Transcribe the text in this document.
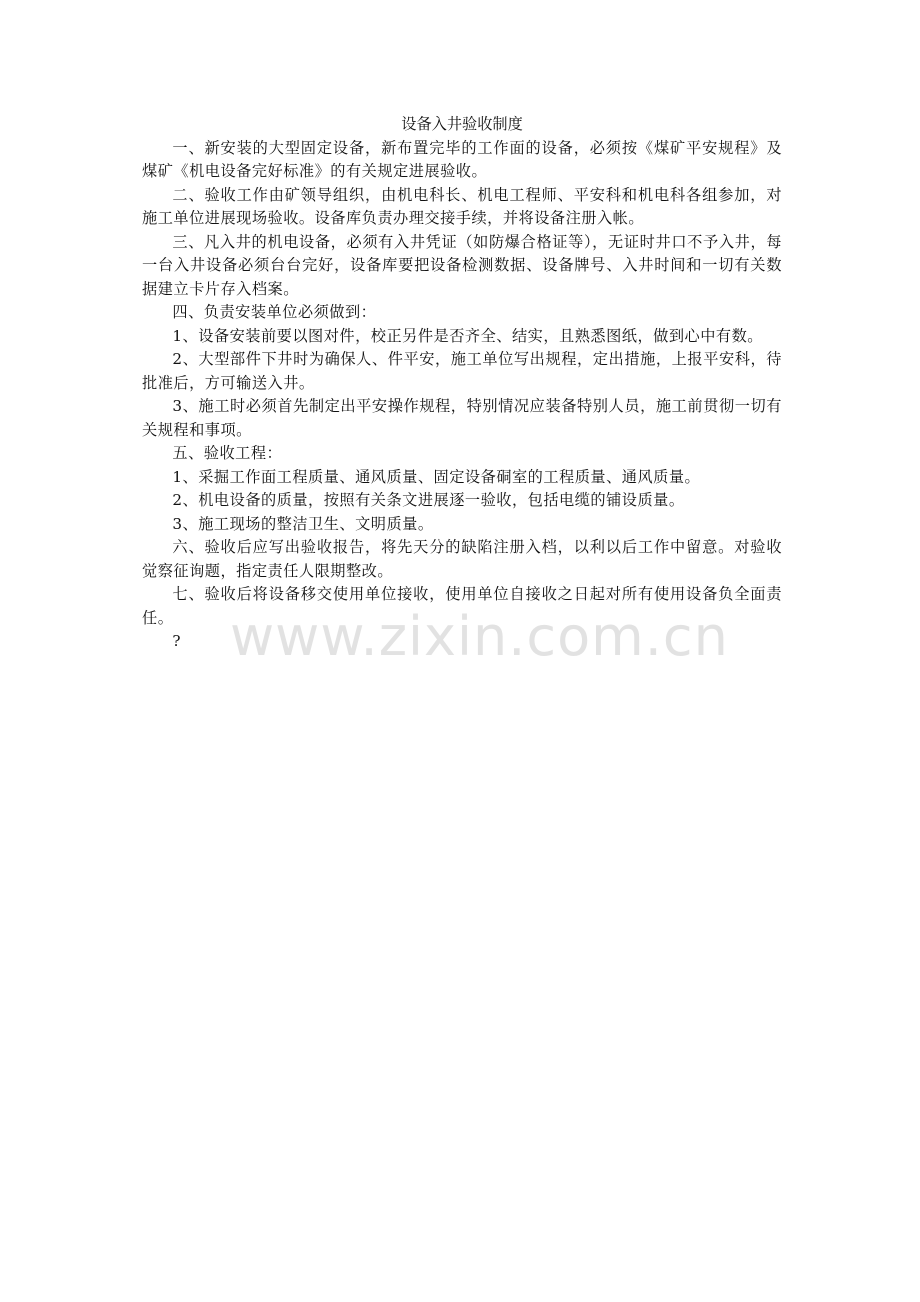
设备入井验收制度

一、新安装的大型固定设备，新布置完毕的工作面的设备，必须按《煤矿平安规程》及煤矿《机电设备完好标准》的有关规定进展验收。

二、验收工作由矿领导组织，由机电科长、机电工程师、平安科和机电科各组参加，对施工单位进展现场验收。设备库负责办理交接手续，并将设备注册入帐。

三、凡入井的机电设备，必须有入井凭证（如防爆合格证等），无证时井口不予入井，每一台入井设备必须台台完好，设备库要把设备检测数据、设备牌号、入井时间和一切有关数据建立卡片存入档案。

四、负责安装单位必须做到：

1、设备安装前要以图对件，校正另件是否齐全、结实，且熟悉图纸，做到心中有数。

2、大型部件下井时为确保人、件平安，施工单位写出规程，定出措施，上报平安科，待批准后，方可输送入井。

3、施工时必须首先制定出平安操作规程，特别情况应装备特别人员，施工前贯彻一切有关规程和事项。

五、验收工程：

1、采掘工作面工程质量、通风质量、固定设备硐室的工程质量、通风质量。

2、机电设备的质量，按照有关条文进展逐一验收，包括电缆的铺设质量。

3、施工现场的整洁卫生、文明质量。

六、验收后应写出验收报告，将先天分的缺陷注册入档，以利以后工作中留意。对验收觉察征询题，指定责任人限期整改。

七、验收后将设备移交使用单位接收，使用单位自接收之日起对所有使用设备负全面责任。

? www.zixin.com.cn
